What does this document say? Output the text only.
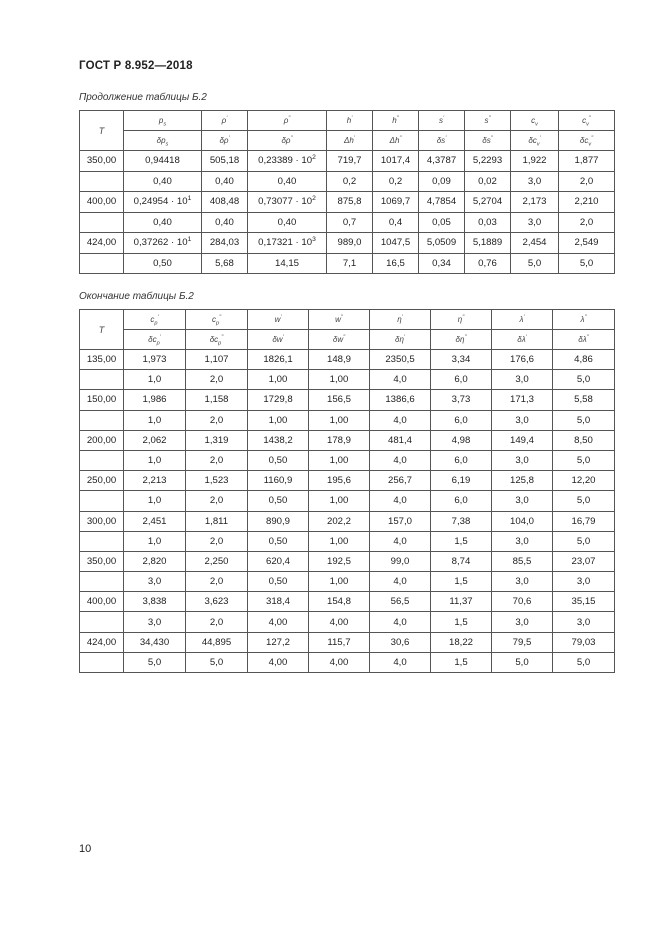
ГОСТ Р 8.952—2018
Продолжение таблицы Б.2
T	$p_s$	ρ'	ρ"	h'	h"	s'	s"	$c_v$	$c_v^"$
	$\delta p_s$	δρ'	δρ"	Δh'	Δh"	δs'	δs"	$\delta c_v'$	$\delta c_v^"$
350,00	0,94418	505,18	$0,23389 \cdot 10^2$	719,7	1017,4	4,3787	5,2293	1,922	1,877
	0,40	0,40	0,40	0,2	0,2	0,09	0,02	3,0	2,0
400,00	$0,24954 \cdot 10^1$	408,48	$0,73077 \cdot 10^2$	875,8	1069,7	4,7854	5,2704	2,173	2,210
	0,40	0,40	0,40	0,7	0,4	0,05	0,03	3,0	2,0
424,00	$0,37262 \cdot 10^1$	284,03	$0,17321 \cdot 10^3$	989,0	1047,5	5,0509	5,1889	2,454	2,549
	0,50	5,68	14,15	7,1	16,5	0,34	0,76	5,0	5,0
Окончание таблицы Б.2
T	$c_p'$	$c_p^"$	w'	w"	η'	η"	λ'	λ"
	$\delta c_p'$	$\delta c_p^"$	δw'	δw"	δη'	δη"	δλ'	δλ"
135,00	1,973	1,107	1826,1	148,9	2350,5	3,34	176,6	4,86
	1,0	2,0	1,00	1,00	4,0	6,0	3,0	5,0
150,00	1,986	1,158	1729,8	156,5	1386,6	3,73	171,3	5,58
	1,0	2,0	1,00	1,00	4,0	6,0	3,0	5,0
200,00	2,062	1,319	1438,2	178,9	481,4	4,98	149,4	8,50
	1,0	2,0	0,50	1,00	4,0	6,0	3,0	5,0
250,00	2,213	1,523	1160,9	195,6	256,7	6,19	125,8	12,20
	1,0	2,0	0,50	1,00	4,0	6,0	3,0	5,0
300,00	2,451	1,811	890,9	202,2	157,0	7,38	104,0	16,79
	1,0	2,0	0,50	1,00	4,0	1,5	3,0	5,0
350,00	2,820	2,250	620,4	192,5	99,0	8,74	85,5	23,07
	3,0	2,0	0,50	1,00	4,0	1,5	3,0	3,0
400,00	3,838	3,623	318,4	154,8	56,5	11,37	70,6	35,15
	3,0	2,0	4,00	4,00	4,0	1,5	3,0	3,0
424,00	34,430	44,895	127,2	115,7	30,6	18,22	79,5	79,03
	5,0	5,0	4,00	4,00	4,0	1,5	5,0	5,0
10
